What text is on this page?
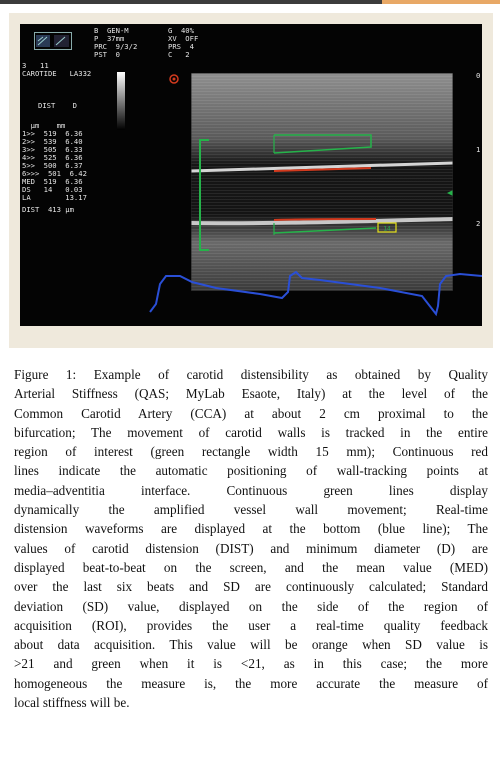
B  GEN-M	G  40%
P  37mm	XV  OFF
PRC  9/3/2	PRS  4
PST  0	C   2
3 11
CAROTIDE   LA332
DIST    D
µm    mm
1>>  519  6.36
2>>  539  6.40
3>>  505  6.33
4>>  525  6.36
5>>  500  6.37
6>>>  501  6.42
MED  519  6.36
DS   14   0.03
LA        13.17
DIST  413 µm
0
1
2
14
Figure 1: Example of carotid distensibility as obtained by Quality
Arterial Stiffness (QAS; MyLab Esaote, Italy) at the level of the
Common Carotid Artery (CCA) at about 2 cm proximal to the
bifurcation; The movement of carotid walls is tracked in the entire
region of interest (green rectangle width 15 mm); Continuous red
lines indicate the automatic positioning of wall-tracking points at
media–adventitia interface. Continuous green lines display
dynamically the amplified vessel wall movement; Real-time
distension waveforms are displayed at the bottom (blue line); The
values of carotid distension (DIST) and minimum diameter (D) are
displayed beat-to-beat on the screen, and the mean value (MED)
over the last six beats and SD are continuously calculated; Standard
deviation (SD) value, displayed on the side of the region of
acquisition (ROI), provides the user a real-time quality feedback
about data acquisition. This value will be orange when SD value is
>21 and green when it is <21, as in this case; the more
homogeneous the measure is, the more accurate the measure of
local stiffness will be.
